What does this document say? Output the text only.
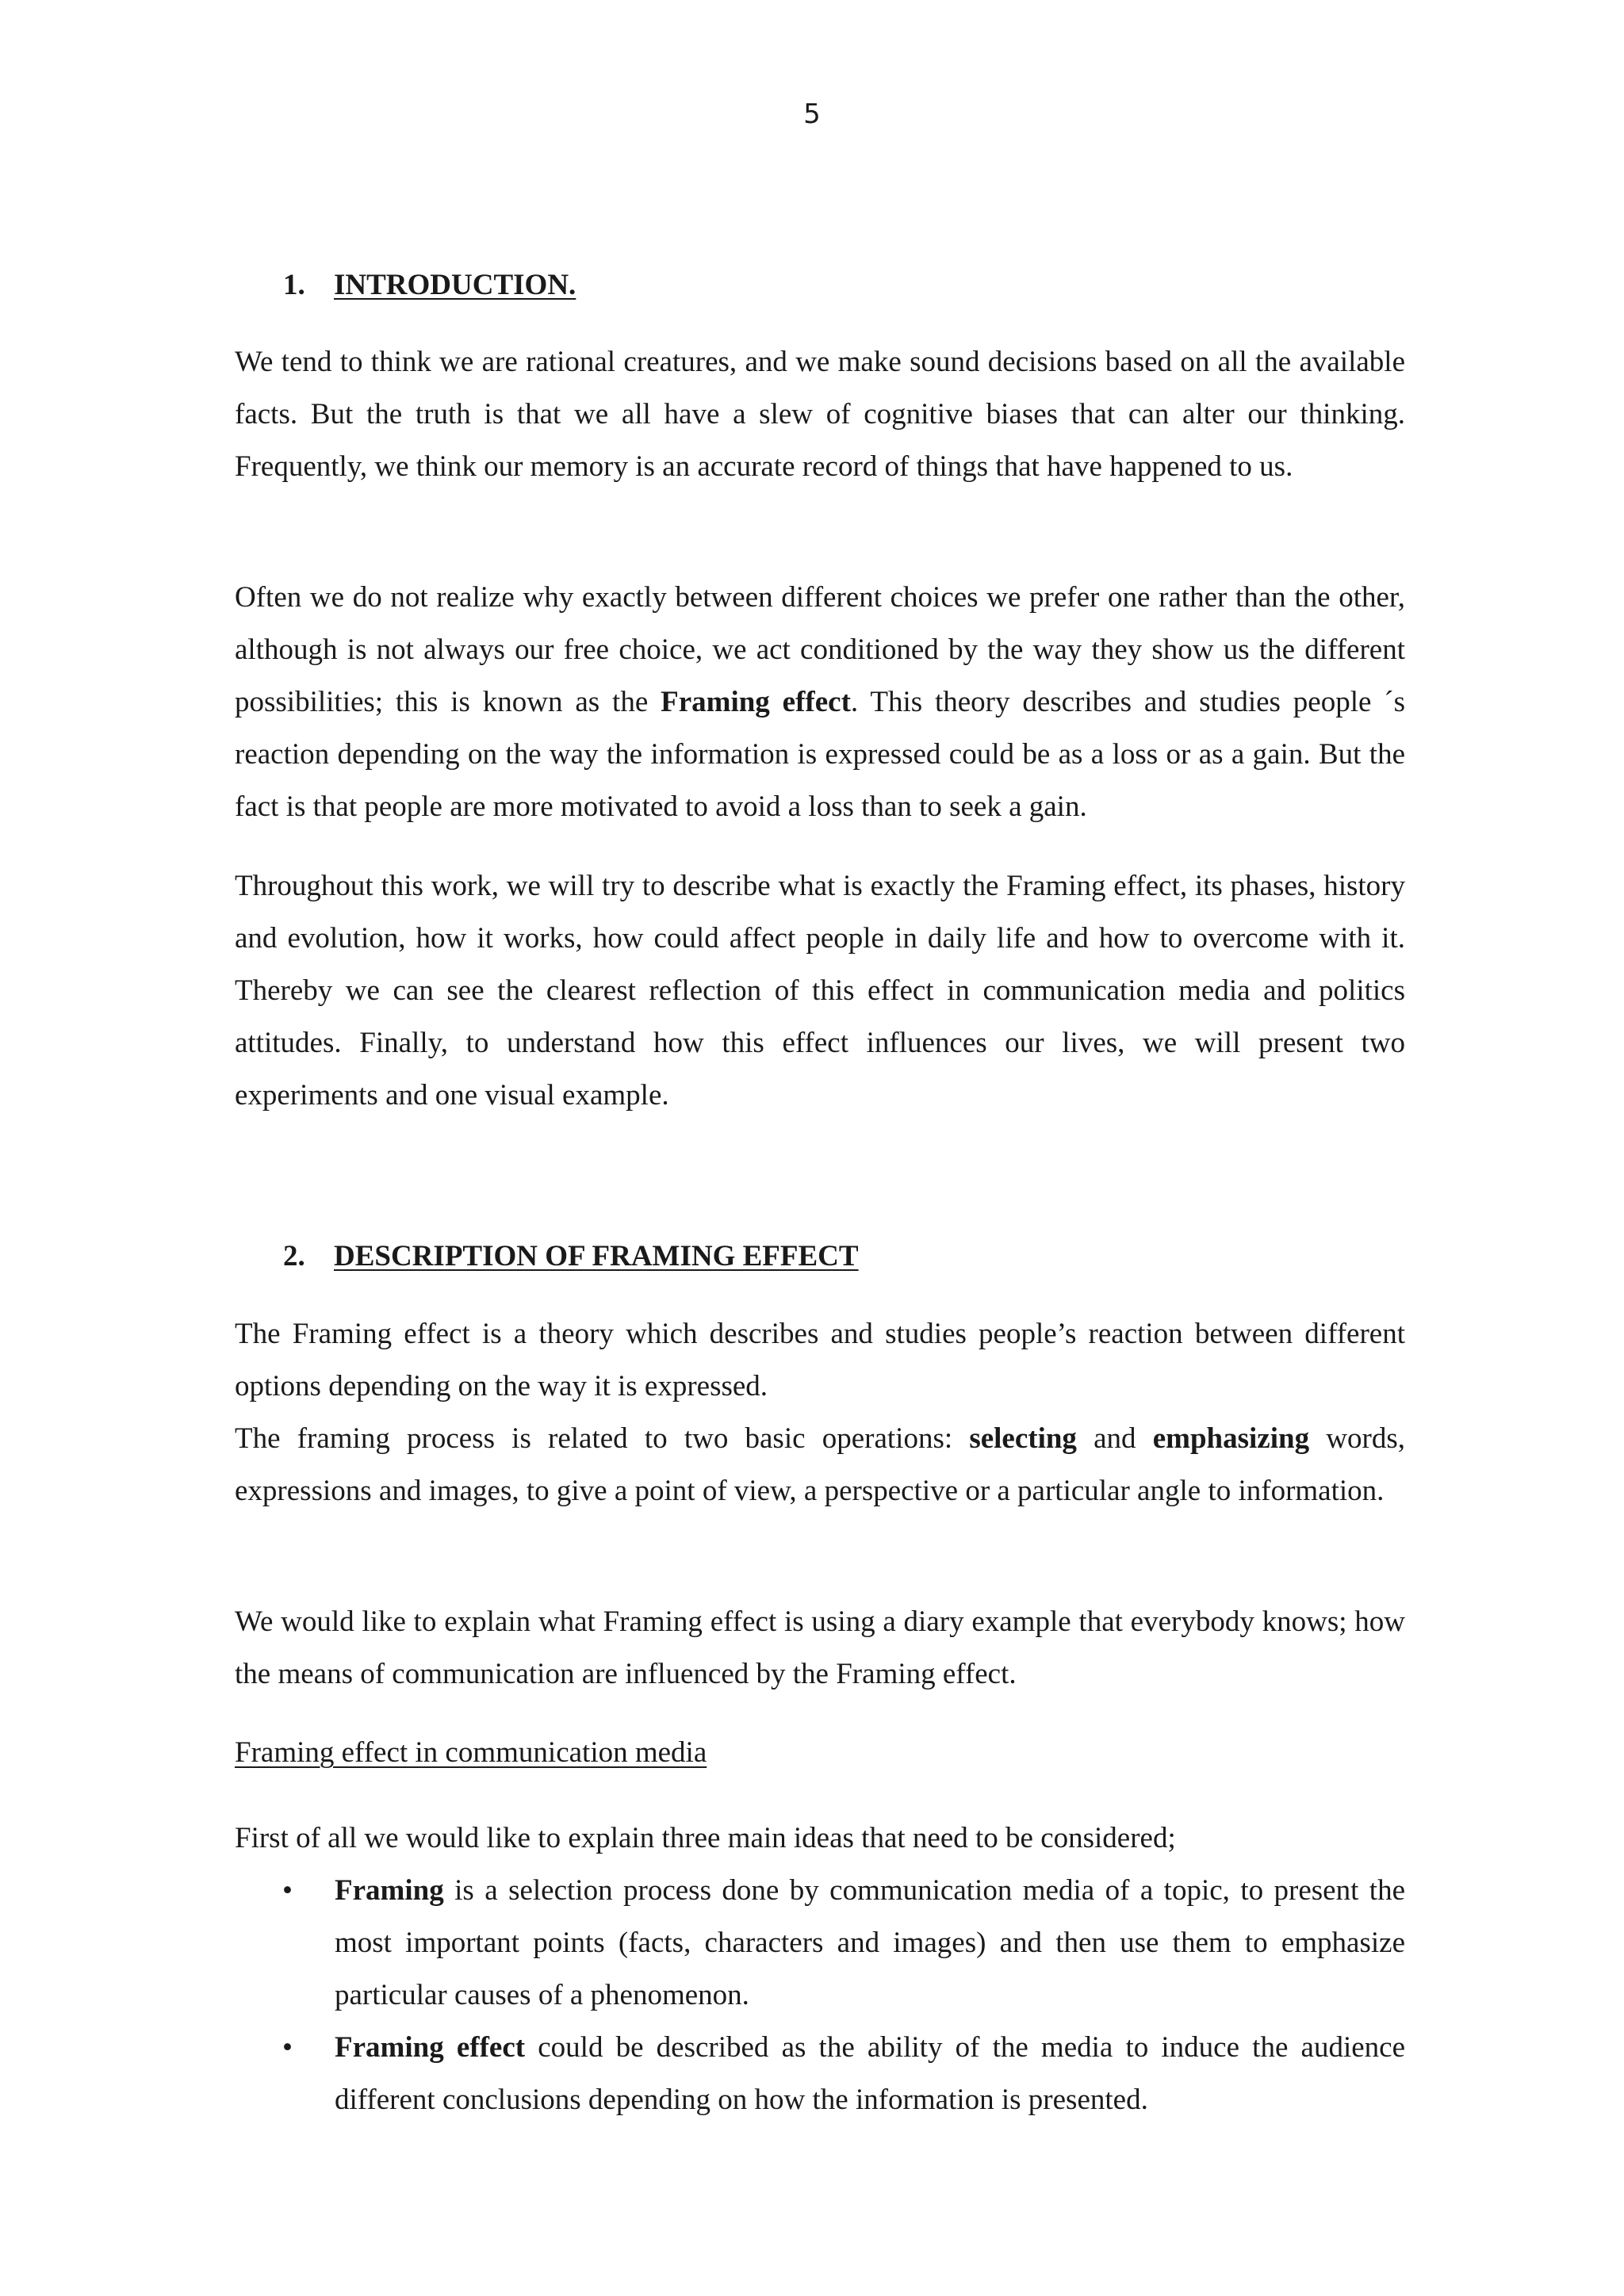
5
1. INTRODUCTION.

We tend to think we are rational creatures, and we make sound decisions based on all the available facts. But the truth is that we all have a slew of cognitive biases that can alter our thinking. Frequently, we think our memory is an accurate record of things that have happened to us.

Often we do not realize why exactly between different choices we prefer one rather than the other, although is not always our free choice, we act conditioned by the way they show us the different possibilities; this is known as the Framing effect. This theory describes and studies people ´s reaction depending on the way the information is expressed could be as a loss or as a gain. But the fact is that people are more motivated to avoid a loss than to seek a gain.

Throughout this work, we will try to describe what is exactly the Framing effect, its phases, history and evolution, how it works, how could affect people in daily life and how to overcome with it. Thereby we can see the clearest reflection of this effect in communication media and politics attitudes. Finally, to understand how this effect influences our lives, we will present two experiments and one visual example.

2. DESCRIPTION OF FRAMING EFFECT

The Framing effect is a theory which describes and studies people’s reaction between different options depending on the way it is expressed.

The framing process is related to two basic operations: selecting and emphasizing words, expressions and images, to give a point of view, a perspective or a particular angle to information.

We would like to explain what Framing effect is using a diary example that everybody knows; how the means of communication are influenced by the Framing effect.

Framing effect in communication media

First of all we would like to explain three main ideas that need to be considered;

• Framing is a selection process done by communication media of a topic, to present the most important points (facts, characters and images) and then use them to emphasize particular causes of a phenomenon.
• Framing effect could be described as the ability of the media to induce the audience different conclusions depending on how the information is presented.
